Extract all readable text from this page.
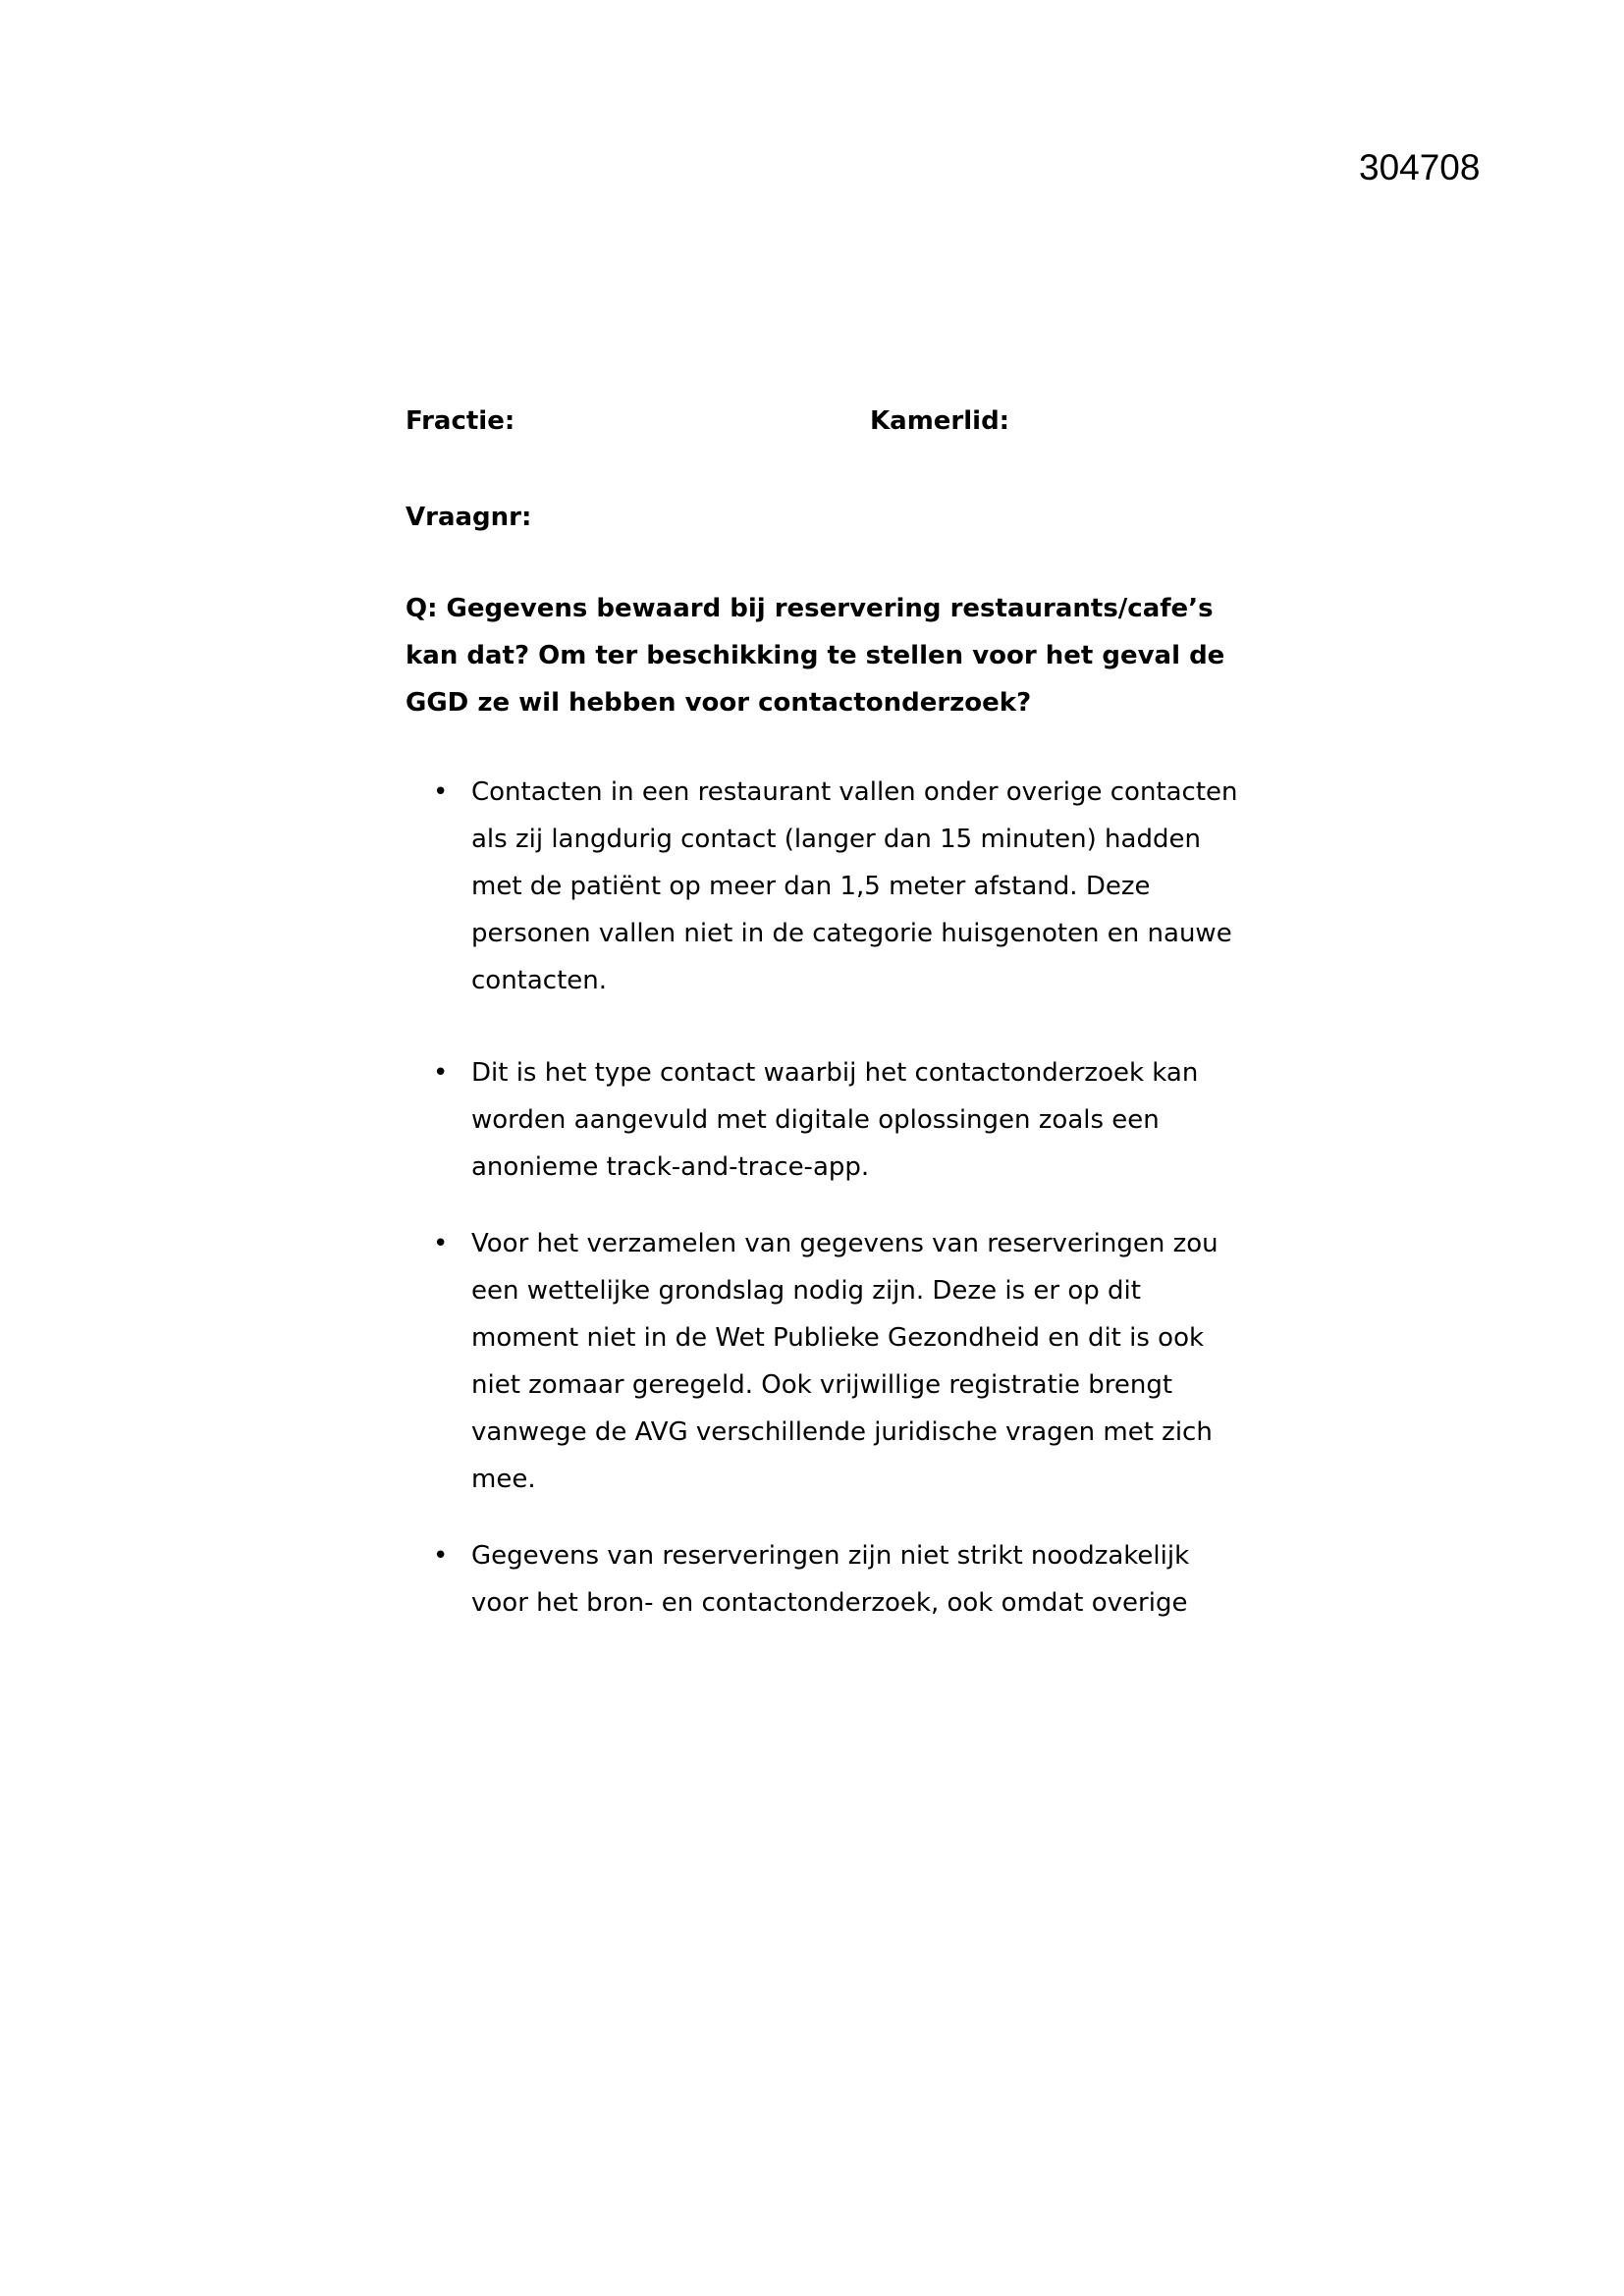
304708
Fractie:	Kamerlid:
Vraagnr:

Q: Gegevens bewaard bij reservering restaurants/cafe’s kan dat? Om ter beschikking te stellen voor het geval de GGD ze wil hebben voor contactonderzoek?

• Contacten in een restaurant vallen onder overige contacten als zij langdurig contact (langer dan 15 minuten) hadden met de patiënt op meer dan 1,5 meter afstand. Deze personen vallen niet in de categorie huisgenoten en nauwe contacten.
• Dit is het type contact waarbij het contactonderzoek kan worden aangevuld met digitale oplossingen zoals een anonieme track-and-trace-app.
• Voor het verzamelen van gegevens van reserveringen zou een wettelijke grondslag nodig zijn. Deze is er op dit moment niet in de Wet Publieke Gezondheid en dit is ook niet zomaar geregeld. Ook vrijwillige registratie brengt vanwege de AVG verschillende juridische vragen met zich mee.
• Gegevens van reserveringen zijn niet strikt noodzakelijk voor het bron- en contactonderzoek, ook omdat overige
